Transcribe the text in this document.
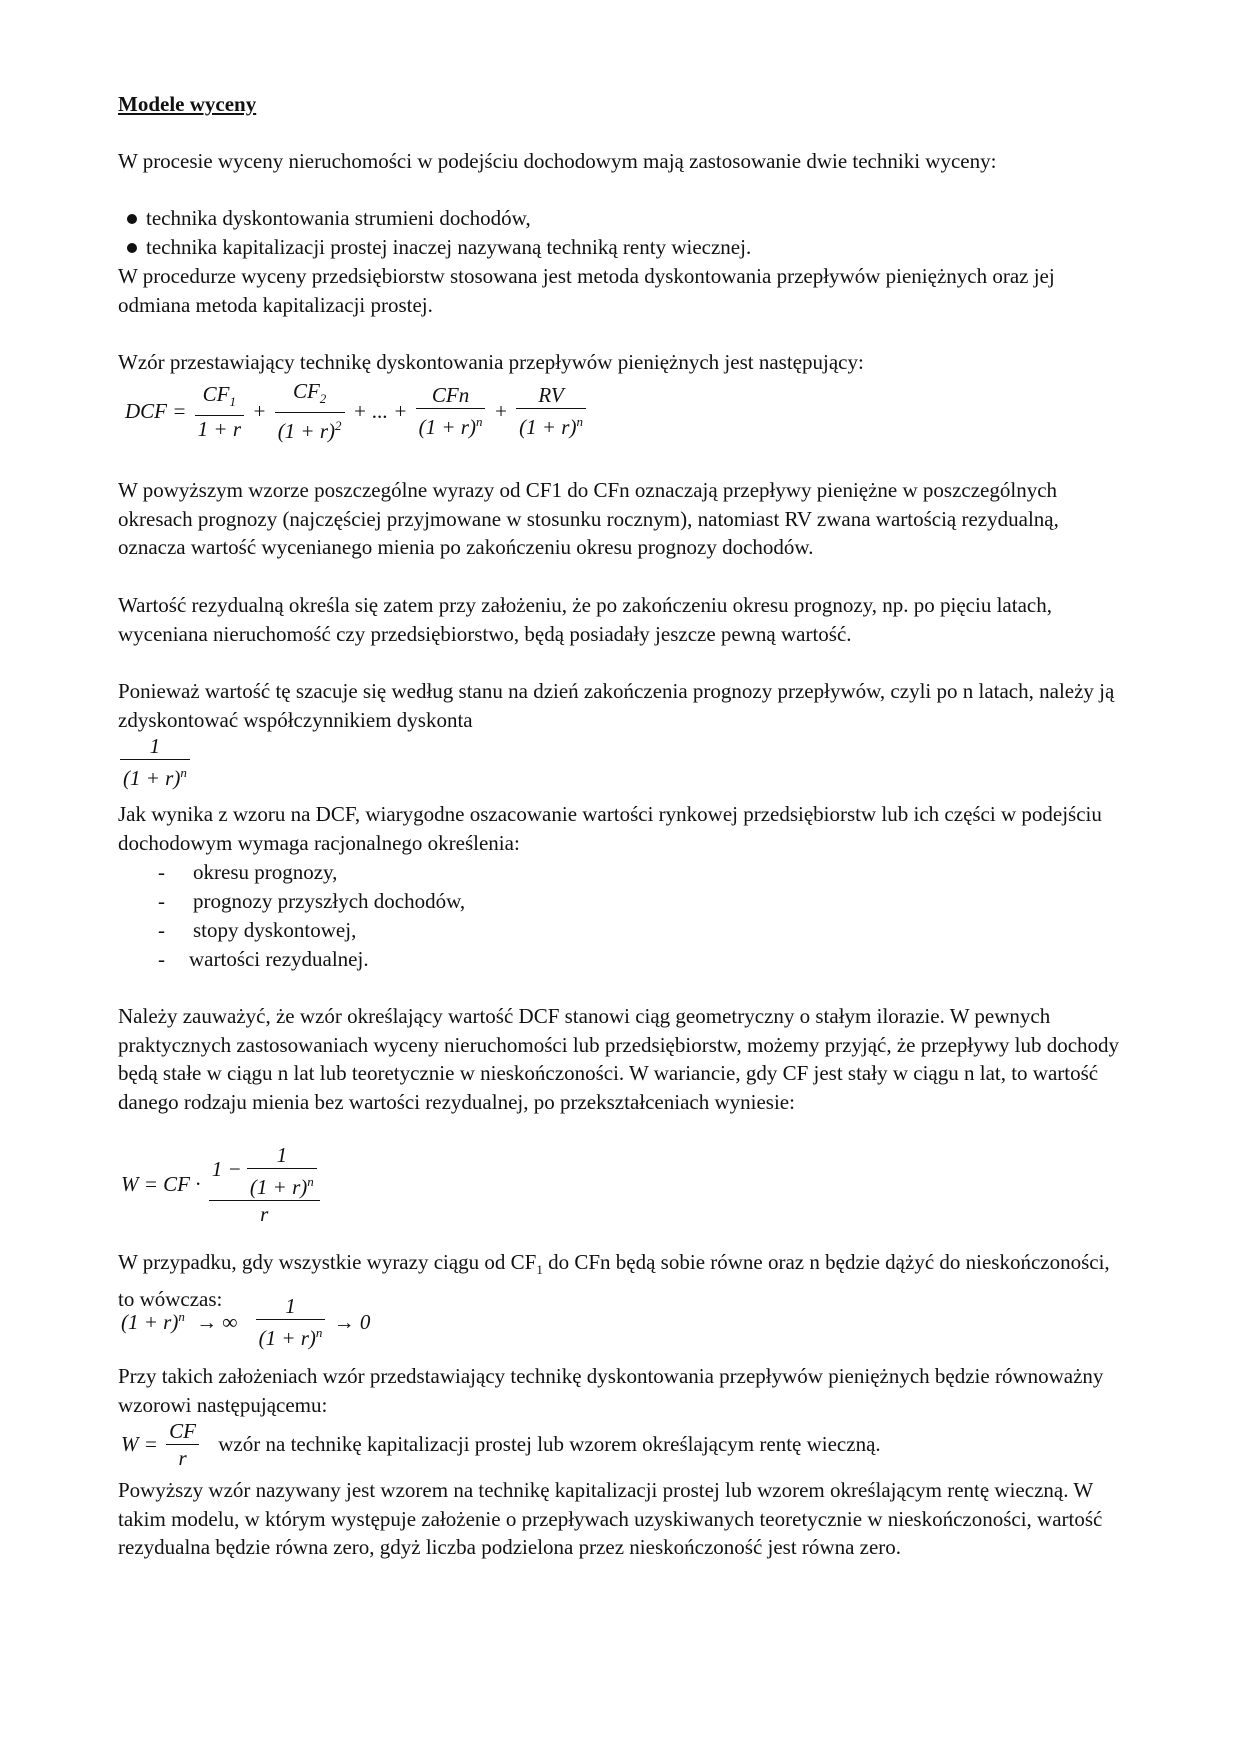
Modele wyceny

W procesie wyceny nieruchomości w podejściu dochodowym mają zastosowanie dwie techniki wyceny:

technika dyskontowania strumieni dochodów,
technika kapitalizacji prostej inaczej nazywaną techniką renty wiecznej.

W procedurze wyceny przedsiębiorstw stosowana jest metoda dyskontowania przepływów pieniężnych oraz jej odmiana metoda kapitalizacji prostej.

Wzór przestawiający technikę dyskontowania przepływów pieniężnych jest następujący:

DCF = $\frac{CF_1}{1 + r} + \frac{CF_2}{(1 + r)^2}$ + ... + $\frac{\text{CFn}}{(1 + r)^n} + \frac{RV}{(1 + r)^n}$

W powyższym wzorze poszczególne wyrazy od CF1 do CFn oznaczają przepływy pieniężne w poszczególnych okresach prognozy (najczęściej przyjmowane w stosunku rocznym), natomiast RV zwana wartością rezydualną, oznacza wartość wycenianego mienia po zakończeniu okresu prognozy dochodów.

Wartość rezydualną określa się zatem przy założeniu, że po zakończeniu okresu prognozy, np. po pięciu latach, wyceniana nieruchomość czy przedsiębiorstwo, będą posiadały jeszcze pewną wartość.

Ponieważ wartość tę szacuje się według stanu na dzień zakończenia prognozy przepływów, czyli po n latach, należy ją zdyskontować współczynnikiem dyskonta

$\frac{1}{(1 + r)^n}$

Jak wynika z wzoru na DCF, wiarygodne oszacowanie wartości rynkowej przedsiębiorstw lub ich części w podejściu dochodowym wymaga racjonalnego określenia:

- okresu prognozy,
- prognozy przyszłych dochodów,
- stopy dyskontowej,
- wartości rezydualnej.

Należy zauważyć, że wzór określający wartość DCF stanowi ciąg geometryczny o stałym ilorazie. W pewnych praktycznych zastosowaniach wyceny nieruchomości lub przedsiębiorstw, możemy przyjąć, że przepływy lub dochody będą stałe w ciągu n lat lub teoretycznie w nieskończoności. W wariancie, gdy CF jest stały w ciągu n lat, to wartość danego rodzaju mienia bez wartości rezydualnej, po przekształceniach wyniesie:

W = CF · $\frac{1 - \frac{1}{(1 + r)^n}}{r}$

W przypadku, gdy wszystkie wyrazy ciągu od $CF_1$ do CFn będą sobie równe oraz n będzie dążyć do nieskończoności, to wówczas:

$(1 + r)^n$ → ∞ $\frac{1}{(1 + r)^n} \to 0$

Przy takich założeniach wzór przedstawiający technikę dyskontowania przepływów pieniężnych będzie równoważny wzorowi następującemu:

$W = \frac{CF}{r}$ wzór na technikę kapitalizacji prostej lub wzorem określającym rentę wieczną.

Powyższy wzór nazywany jest wzorem na technikę kapitalizacji prostej lub wzorem określającym rentę wieczną. W takim modelu, w którym występuje założenie o przepływach uzyskiwanych teoretycznie w nieskończoności, wartość rezydualna będzie równa zero, gdyż liczba podzielona przez nieskończoność jest równa zero.
